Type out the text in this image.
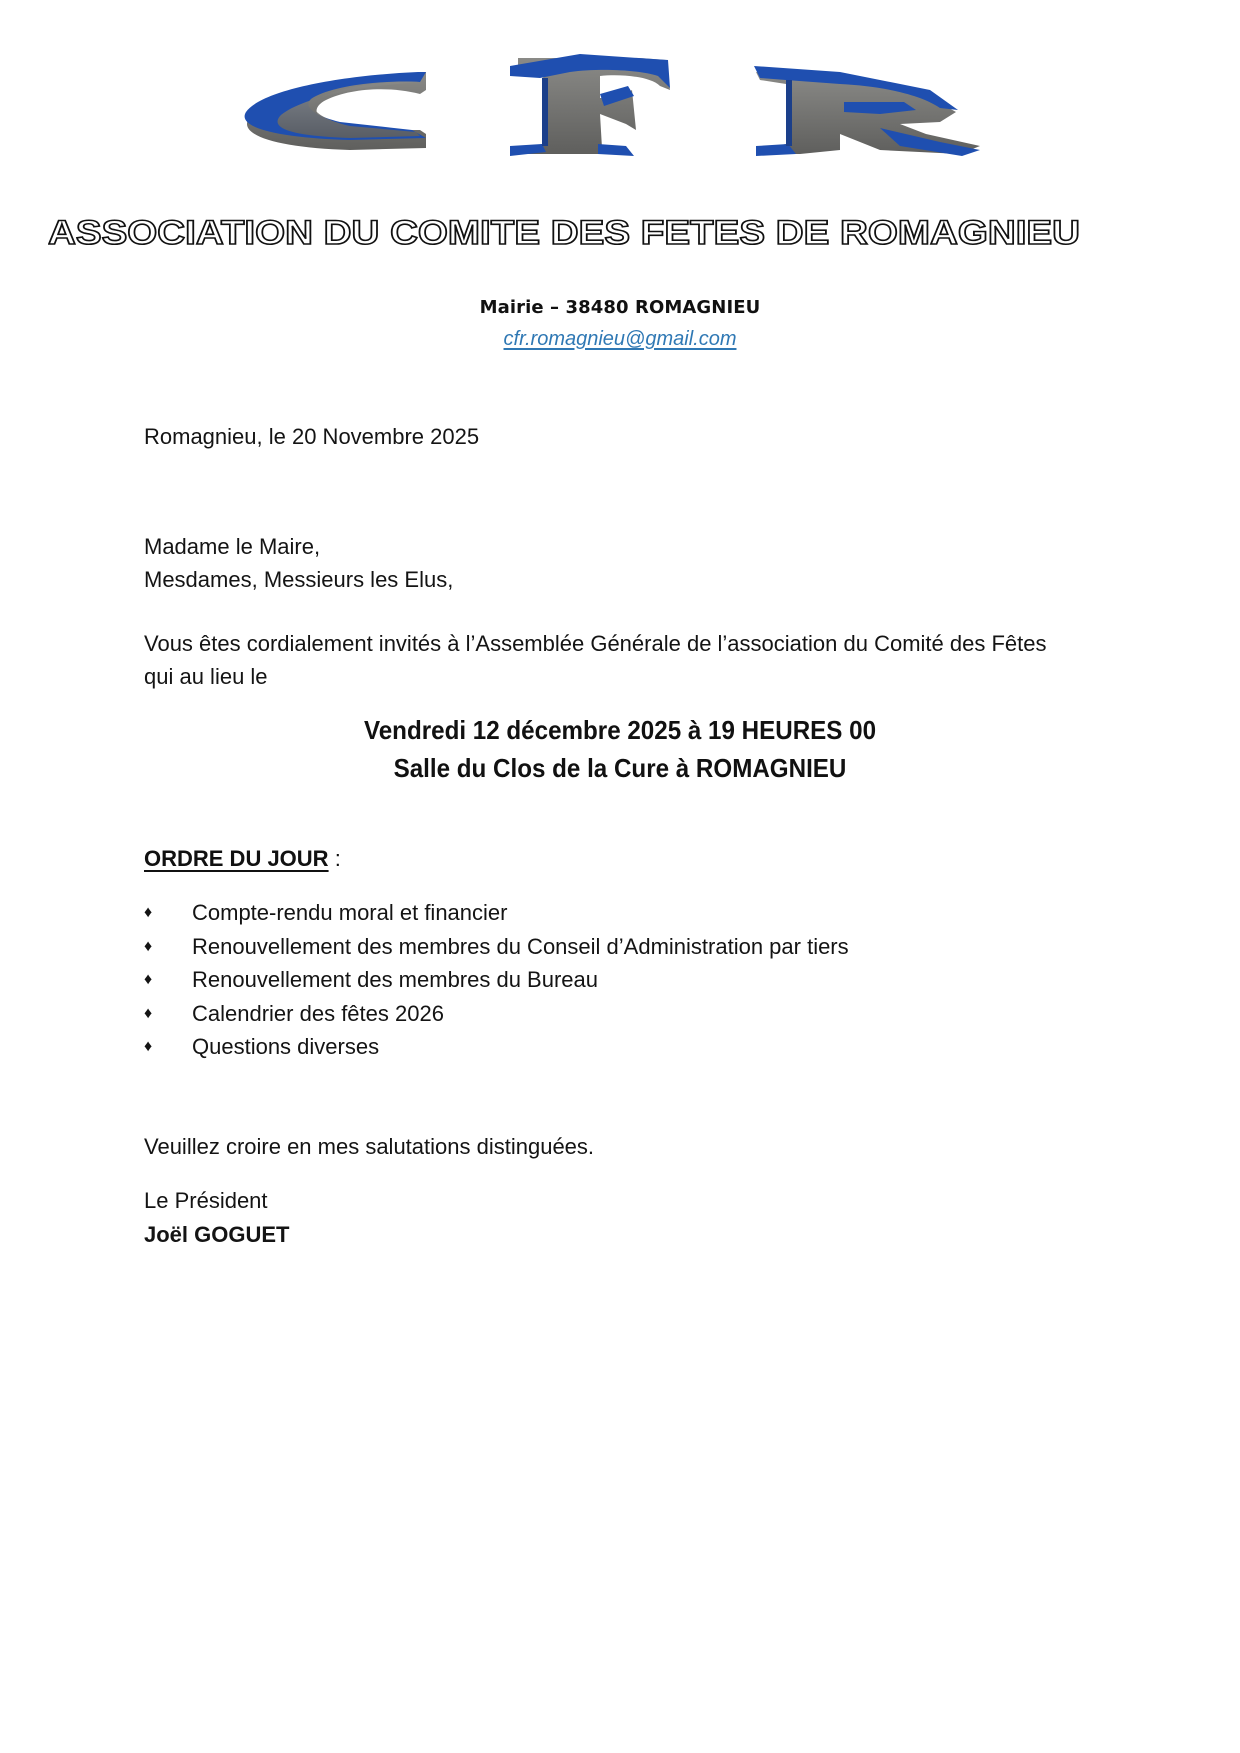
ASSOCIATION DU COMITE DES FETES DE ROMAGNIEU
Mairie – 38480 ROMAGNIEU
cfr.romagnieu@gmail.com
Romagnieu, le 20 Novembre 2025
Madame le Maire,
Mesdames, Messieurs les Elus,
Vous êtes cordialement invités à l’Assemblée Générale de l’association du Comité des Fêtes qui au lieu le
Vendredi 12 décembre 2025 à 19 HEURES 00
Salle du Clos de la Cure à ROMAGNIEU
ORDRE DU JOUR :
♦ Compte-rendu moral et financier
♦ Renouvellement des membres du Conseil d’Administration par tiers
♦ Renouvellement des membres du Bureau
♦ Calendrier des fêtes 2026
♦ Questions diverses
Veuillez croire en mes salutations distinguées.
Le Président
Joël GOGUET
